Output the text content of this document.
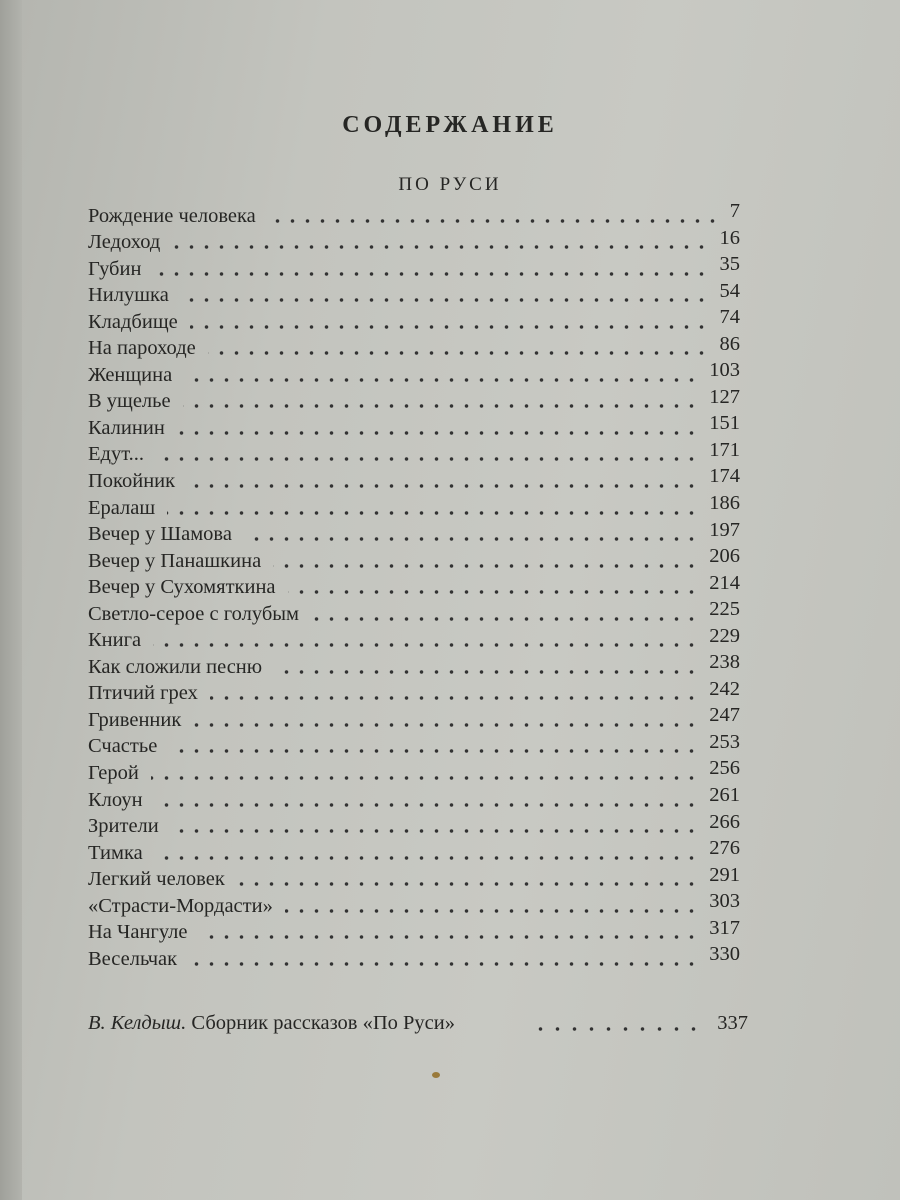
СОДЕРЖАНИЕ
ПО РУСИ
Рождение человека	7
Ледоход	16
Губин	35
Нилушка	54
Кладбище	74
На пароходе	86
Женщина	103
В ущелье	127
Калинин	151
Едут...	171
Покойник	174
Ералаш	186
Вечер у Шамова	197
Вечер у Панашкина	206
Вечер у Сухомяткина	214
Светло-серое с голубым	225
Книга	229
Как сложили песню	238
Птичий грех	242
Гривенник	247
Счастье	253
Герой	256
Клоун	261
Зрители	266
Тимка	276
Легкий человек	291
«Страсти-Мордасти»	303
На Чангуле	317
Весельчак	330
В. Келдыш. Сборник рассказов «По Руси»	337
